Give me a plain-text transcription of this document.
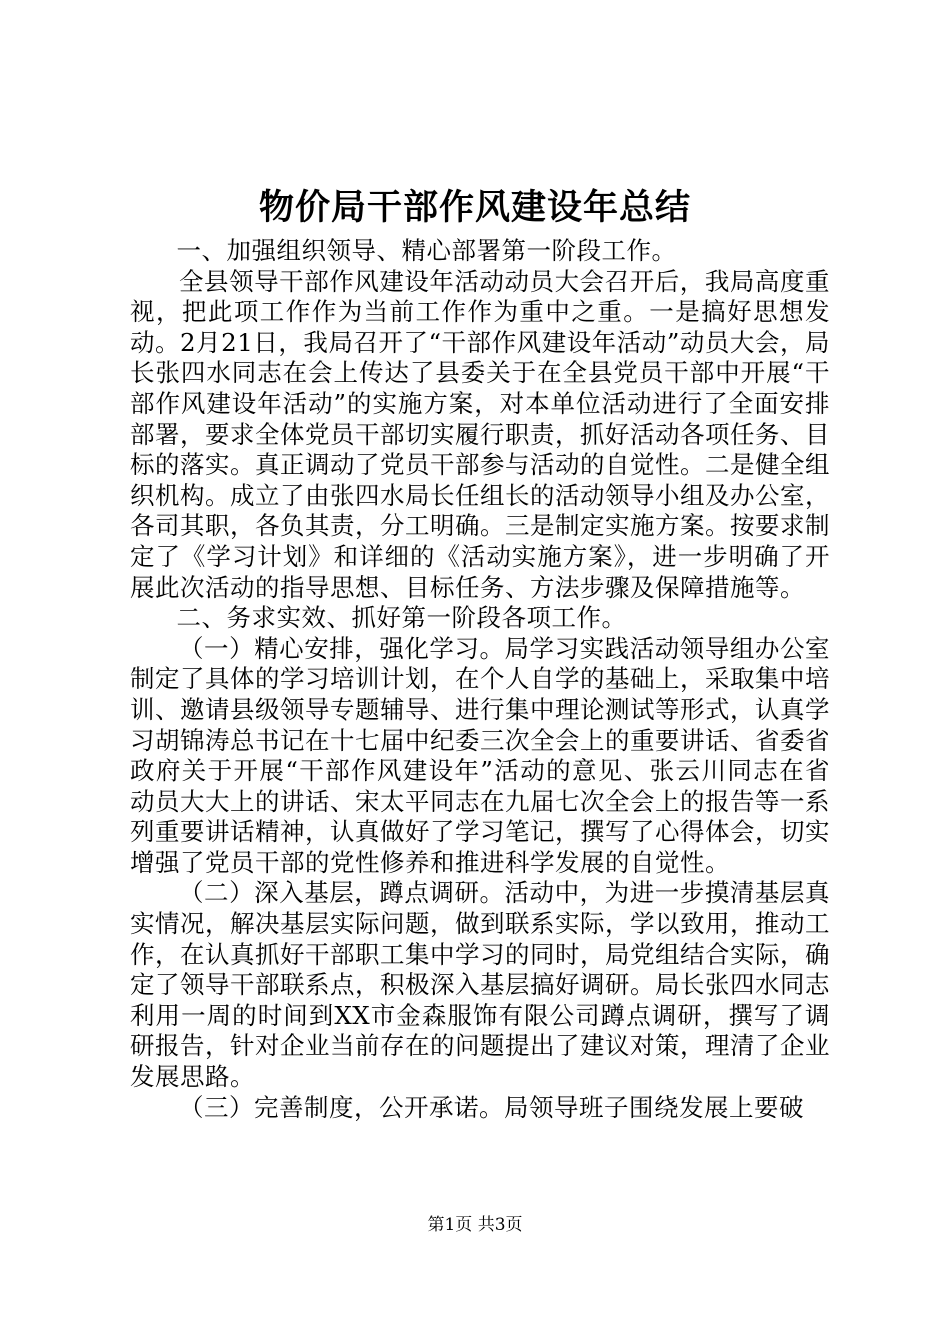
物价局干部作风建设年总结

一、加强组织领导、精心部署第一阶段工作。

全县领导干部作风建设年活动动员大会召开后，我局高度重视，把此项工作作为当前工作作为重中之重。一是搞好思想发动。2月21日，我局召开了“干部作风建设年活动”动员大会，局长张四水同志在会上传达了县委关于在全县党员干部中开展“干部作风建设年活动”的实施方案，对本单位活动进行了全面安排部署，要求全体党员干部切实履行职责，抓好活动各项任务、目标的落实。真正调动了党员干部参与活动的自觉性。二是健全组织机构。成立了由张四水局长任组长的活动领导小组及办公室，各司其职，各负其责，分工明确。三是制定实施方案。按要求制定了《学习计划》和详细的《活动实施方案》，进一步明确了开展此次活动的指导思想、目标任务、方法步骤及保障措施等。

二、务求实效、抓好第一阶段各项工作。

（一）精心安排，强化学习。局学习实践活动领导组办公室制定了具体的学习培训计划，在个人自学的基础上，采取集中培训、邀请县级领导专题辅导、进行集中理论测试等形式，认真学习胡锦涛总书记在十七届中纪委三次全会上的重要讲话、省委省政府关于开展“干部作风建设年”活动的意见、张云川同志在省动员大大上的讲话、宋太平同志在九届七次全会上的报告等一系列重要讲话精神，认真做好了学习笔记，撰写了心得体会，切实增强了党员干部的党性修养和推进科学发展的自觉性。

（二）深入基层，蹲点调研。活动中，为进一步摸清基层真实情况，解决基层实际问题，做到联系实际，学以致用，推动工作，在认真抓好干部职工集中学习的同时，局党组结合实际，确定了领导干部联系点，积极深入基层搞好调研。局长张四水同志利用一周的时间到XX市金森服饰有限公司蹲点调研，撰写了调研报告，针对企业当前存在的问题提出了建议对策，理清了企业发展思路。

（三）完善制度，公开承诺。局领导班子围绕发展上要破

第1页 共3页
